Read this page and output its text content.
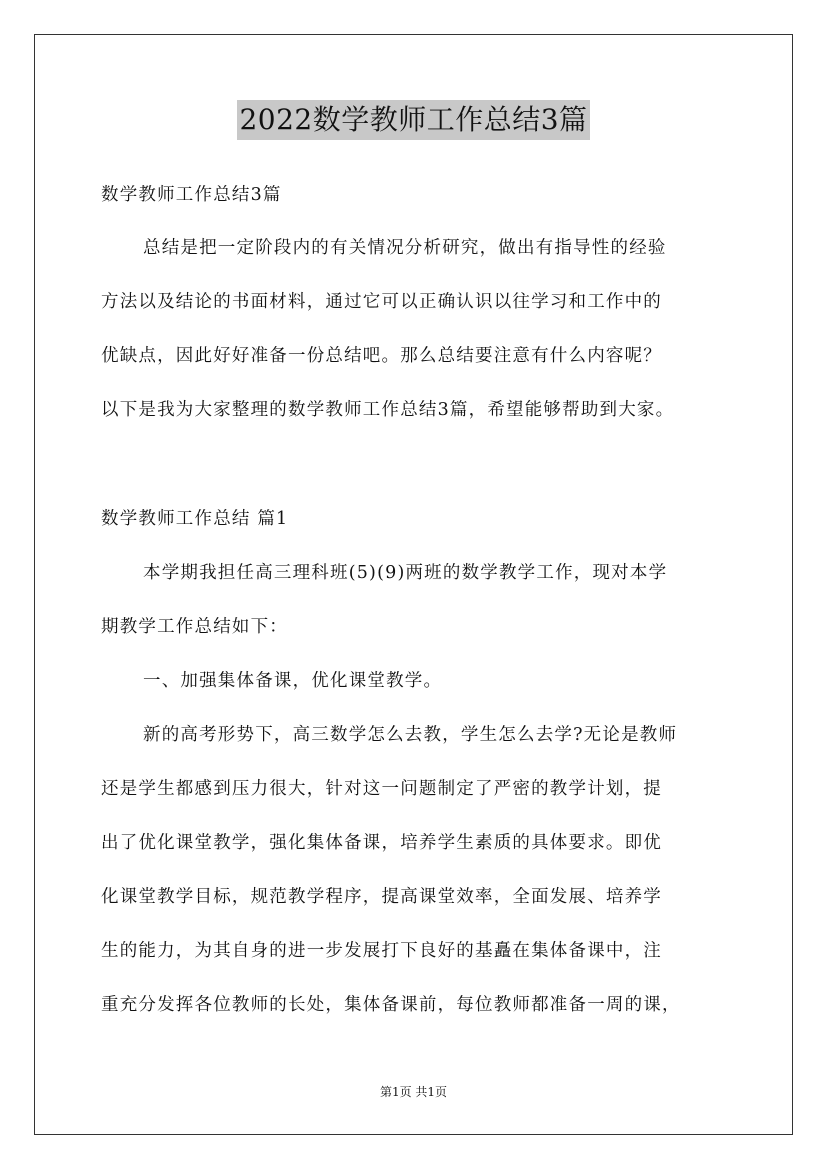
2022数学教师工作总结3篇
数学教师工作总结3篇
总结是把一定阶段内的有关情况分析研究，做出有指导性的经验
方法以及结论的书面材料，通过它可以正确认识以往学习和工作中的
优缺点，因此好好准备一份总结吧。那么总结要注意有什么内容呢？
以下是我为大家整理的数学教师工作总结3篇，希望能够帮助到大家。
数学教师工作总结 篇1
本学期我担任高三理科班(5)(9)两班的数学教学工作，现对本学
期教学工作总结如下：
一、加强集体备课，优化课堂教学。
新的高考形势下，高三数学怎么去教，学生怎么去学?无论是教师
还是学生都感到压力很大，针对这一问题制定了严密的教学计划，提
出了优化课堂教学，强化集体备课，培养学生素质的具体要求。即优
化课堂教学目标，规范教学程序，提高课堂效率，全面发展、培养学
生的能力，为其自身的进一步发展打下良好的基矗在集体备课中，注
重充分发挥各位教师的长处，集体备课前，每位教师都准备一周的课，
第1页 共1页
